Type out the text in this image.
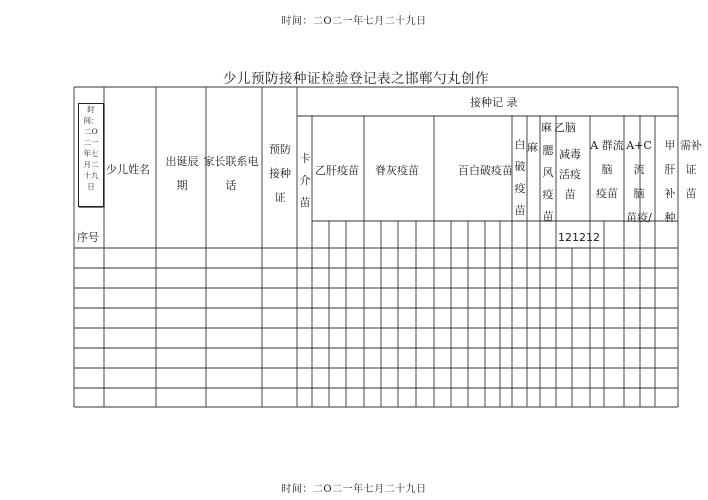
时间：二O二一年七月二十九日
少儿预防接种证检验登记表之邯郸勺丸创作
时
间：
二O
二一
年七
月二
十九
日
序号
少儿姓名
出诞辰
期
家长联系电
话
预防
接种
证
接种记 录
卡
介
苗
乙肝疫苗 脊灰疫苗	百白破疫苗
白
破疫
苗
麻
　 腮
风
疫
苗
麻 乙脑
减毒
活疫
苗
121212
A 群流
脑
疫苗
A+C 流
脑
苗疫/
甲
肝
补种
需补
证
苗
时间：二O二一年七月二十九日
